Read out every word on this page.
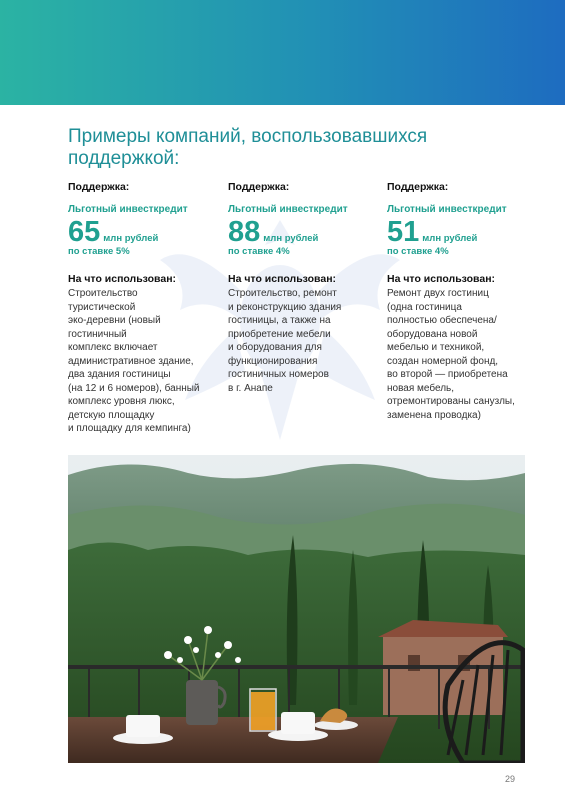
Примеры компаний, воспользовавшихся поддержкой:
Поддержка:
Льготный инвесткредит
65 млн рублей
по ставке 5%
На что использован:
Строительство
туристической
эко-деревни (новый
гостиничный
комплекс включает
административное здание,
два здания гостиницы
(на 12 и 6 номеров), банный
комплекс уровня люкс,
детскую площадку
и площадку для кемпинга)
Поддержка:
Льготный инвесткредит
88 млн рублей
по ставке 4%
На что использован:
Строительство, ремонт
и реконструкцию здания
гостиницы, а также на
приобретение мебели
и оборудования для
функционирования
гостиничных номеров
в г. Анапе
Поддержка:
Льготный инвесткредит
51 млн рублей
по ставке 4%
На что использован:
Ремонт двух гостиниц
(одна гостиница
полностью обеспечена/
оборудована новой
мебелью и техникой,
создан номерной фонд,
во второй — приобретена
новая мебель,
отремонтированы санузлы,
заменена проводка)
29
